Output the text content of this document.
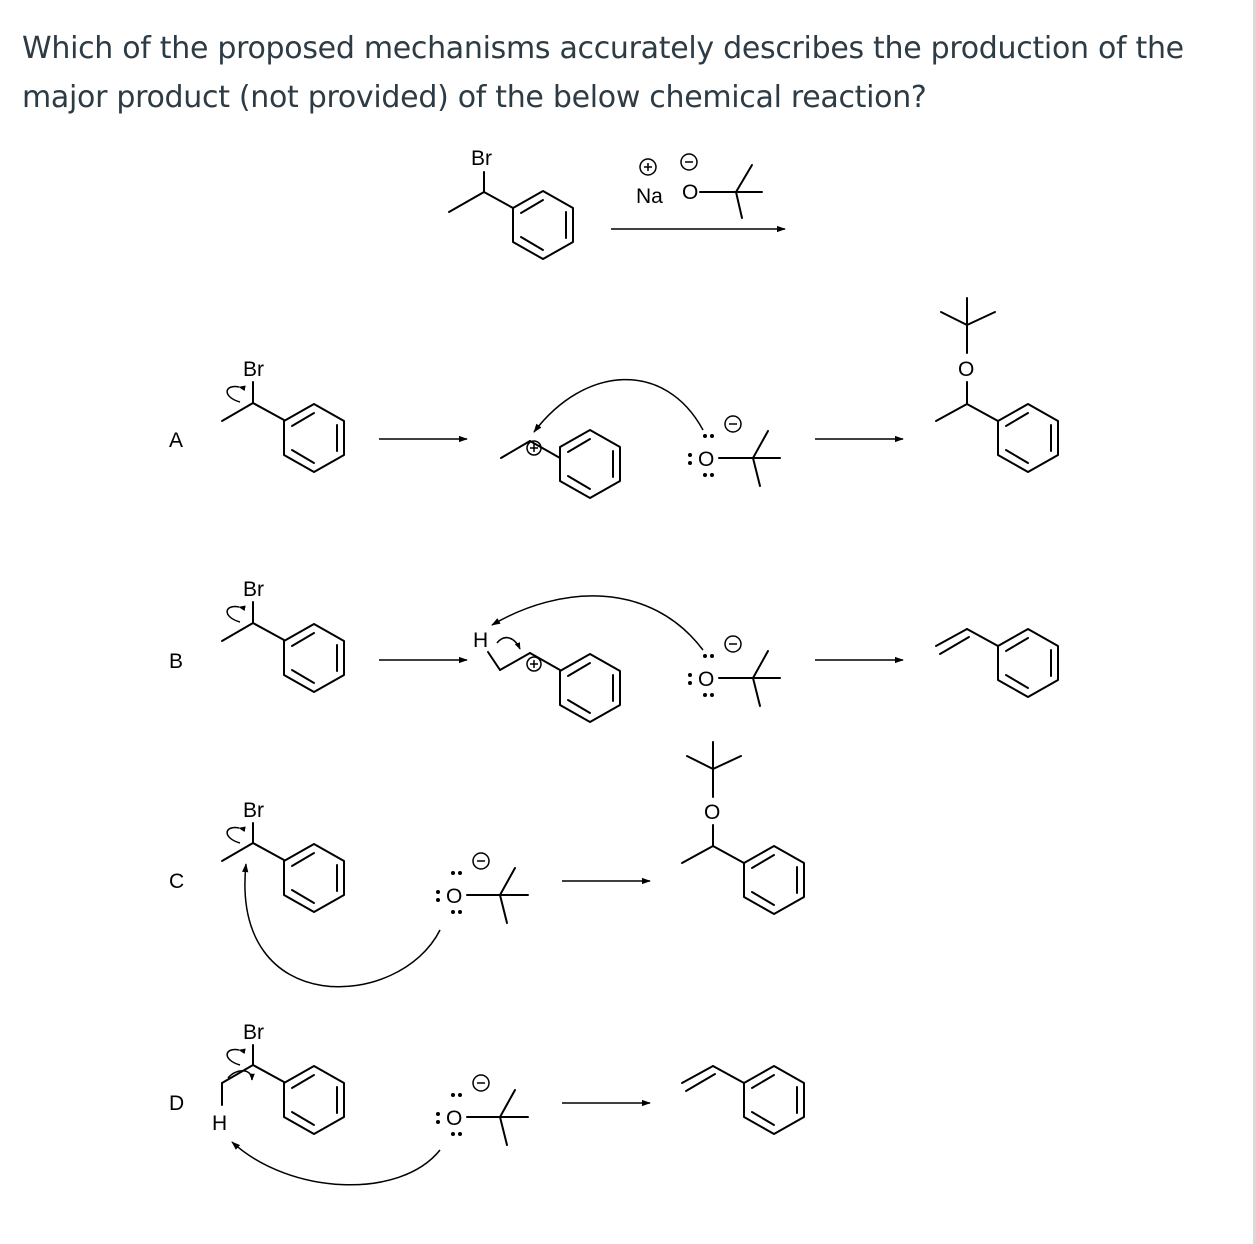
Which of the proposed mechanisms accurately describes the production of the major product (not provided) of the below chemical reaction?

Br
Na O
A
Br
O
O
B
Br
H
O
C
Br
O
O
D
Br
H	O
